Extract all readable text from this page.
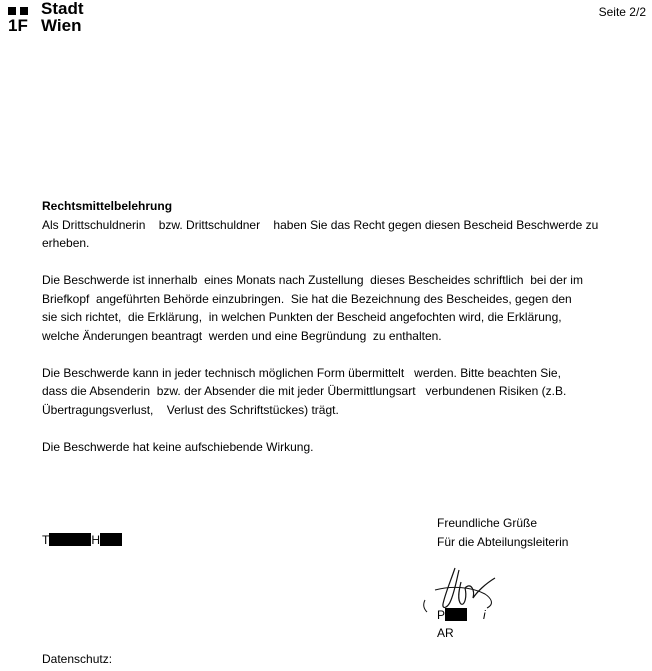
1F
Stadt
Wien
Seite 2/2
Rechtsmittelbelehrung

Als Drittschuldnerin    bzw. Drittschuldner    haben Sie das Recht gegen diesen Bescheid Beschwerde zu
erheben.

Die Beschwerde ist innerhalb  eines Monats nach Zustellung  dieses Bescheides schriftlich  bei der im
Briefkopf  angeführten Behörde einzubringen.  Sie hat die Bezeichnung des Bescheides, gegen den
sie sich richtet,  die Erklärung,  in welchen Punkten der Bescheid angefochten wird, die Erklärung,
welche Änderungen beantragt  werden und eine Begründung  zu enthalten.

Die Beschwerde kann in jeder technisch möglichen Form übermittelt   werden. Bitte beachten Sie,
dass die Absenderin  bzw. der Absender die mit jeder Übermittlungsart   verbundenen Risiken (z.B.
Übertragungsverlust,    Verlust des Schriftstückes) trägt.

Die Beschwerde hat keine aufschiebende Wirkung.

T	H
Freundliche Grüße
Für die Abteilungsleiterin
P	i
AR
Datenschutz:
